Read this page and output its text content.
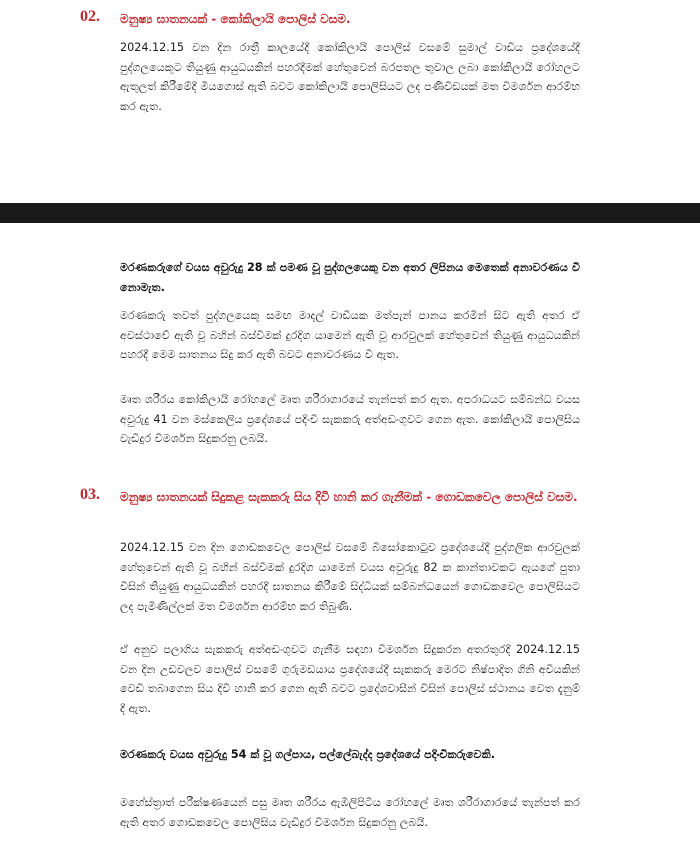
02. මනුෂ්‍ය ඝාතනයක් - කෝකිලායි පොලිස් වසම.

2024.12.15 වන දින රාත්‍රී කාලයේදී කෝකිලායි පොලිස් වසමේ සුමාල් වාඩිය ප්‍රදේශයේදී පුද්ගලයෙකුට තියුණු ආයුධයකින් පහරදීමක් හේතුවෙන් බරපතල තුවාල ලබා කෝකිලායි රෝහලට ඇතුලත් කිරීමේදී මියගොස් ඇති බවට කෝකිලායි පොලිසියට ලද පණිවිඩයක් මත විමර්ශන ආරම්භ කර ඇත.

මරණකරුගේ වයස අවුරුදු 28 ක් පමණ වූ පුද්ගලයෙකු වන අතර ලිපිනය මෙතෙක් අනාවරණය වී නොමැත.

මරණකරු තවත් පුද්ගලයෙකු සමඟ මාදල් වාඩියක මත්පැන් පානය කරමින් සිට ඇති අතර ඒ අවස්ථාවේ ඇති වූ බහින් බස්වීමක් දුරදිග යාමෙන් ඇති වූ ආරවුලක් හේතුවෙන් තියුණු ආයුධයකින් පහරදී මෙම ඝාතනය සිදු කර ඇති බවට අනාවරණය වී ඇත.

මෘත ශරීරය කෝකිලායි රෝහලේ මෘත ශරීරාගාරයේ තැන්පත් කර ඇත. අපරාධයට සම්බන්ධ වයස අවුරුදු 41 වන මස්කෙලිය ප්‍රදේශයේ පදිංචි සැකකරු අත්අඩංගුවට ගෙන ඇත. කෝකිලායි පොලිසිය වැඩිදුර විමර්ශන සිදුකරනු ලබයි.

03. මනුෂ්‍ය ඝාතනයක් සිදුකළ සැකකරු සිය දිවි හානි කර ගැනීමක් - ගොඩකවෙල පොලිස් වසම.

2024.12.15 වන දින ගොඩකවෙල පොලිස් වසමේ බිසෝකොටුව ප්‍රදේශයේදී පුද්ගලික ආරවුලක් හේතුවෙන් ඇති වූ බහින් බස්වීමක් දුරදිග යාමෙන් වයස අවුරුදු 82 ක කාන්තාවකට ඇයගේ පුතා විසින් තියුණු ආයුධයකින් පහරදී ඝාතනය කිරීමේ සිද්ධියක් සම්බන්ධයෙන් ගොඩකවෙල පොලිසියට ලද පැමිණිල්ලක් මත විමර්ශන ආරම්භ කර තිබුණි.

ඒ අනුව පලාගිය සැකකරු අත්අඩංගුවට ගැනීම සඳහා විමර්ශන සිදුකරන අතරතුරදී 2024.12.15 වන දින උඩවලව පොලිස් වසමේ ගුරුමඩයාය ප්‍රදේශයේදී සැකකරු මෙරට නිෂ්පාදිත ගිනි අවියකින් වෙඩි තබාගෙන සිය දිවි හානි කර ගෙන ඇති බවට ප්‍රදේශවාසීන් විසින් පොලිස් ස්ථානය වෙත දැනුම් දී ඇත.

මරණකරු වයස අවුරුදු 54 ක් වූ ගල්පාය, පල්ලේබැද්ද ප්‍රදේශයේ පදිංචිකරුවෙකි.

මහේස්ත්‍රාත් පරීක්ෂණයෙන් පසු මෘත ශරීරය ඇඹිලිපිටිය රෝහලේ මෘත ශරීරාගාරයේ තැන්පත් කර ඇති අතර ගොඩකවෙල පොලිසිය වැඩිදුර විමර්ශන සිදුකරනු ලබයි.
